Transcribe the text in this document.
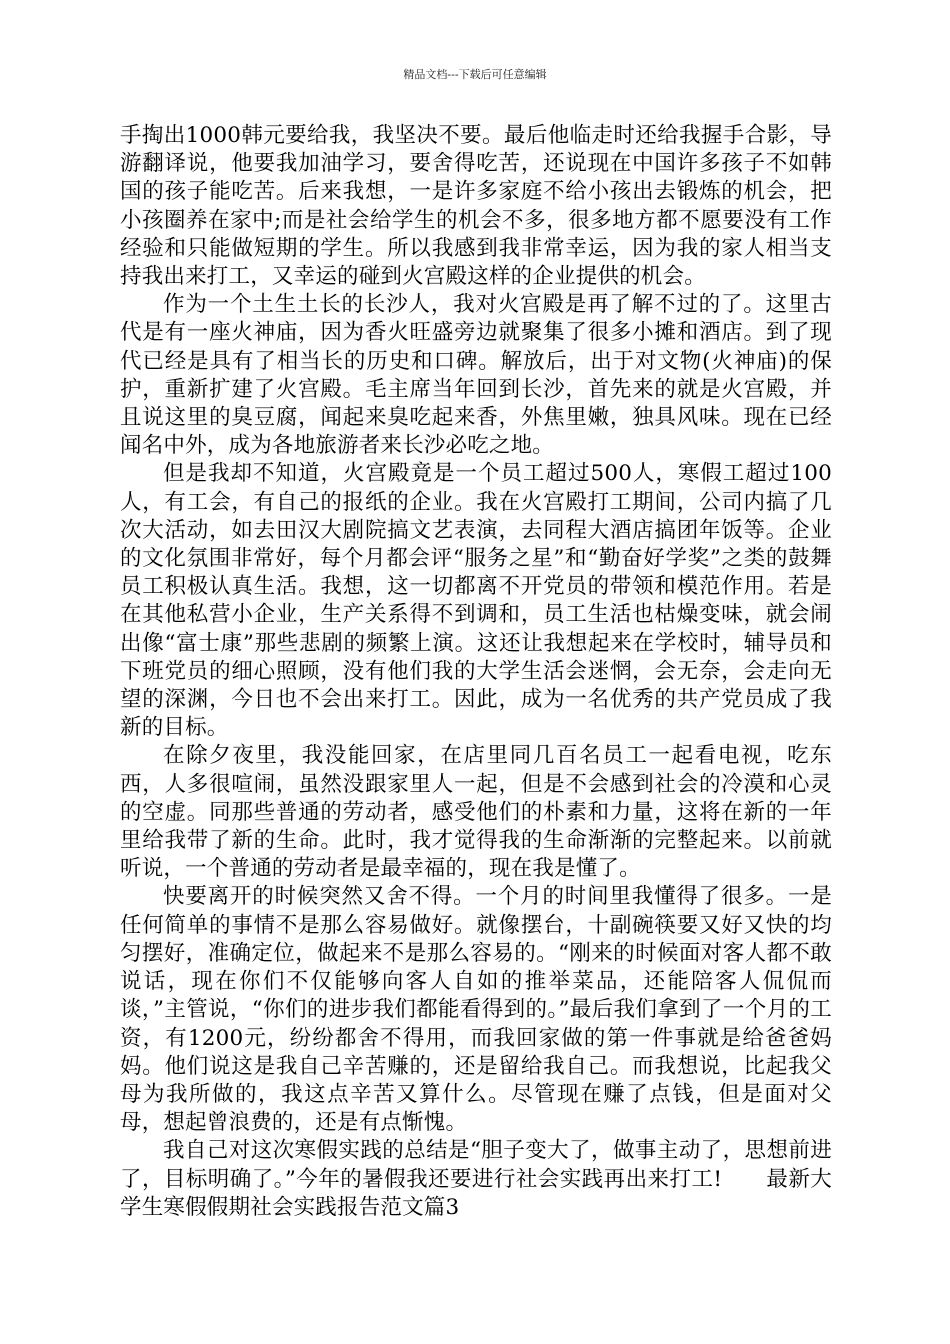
精品文档---下载后可任意编辑

手掏出1000韩元要给我，我坚决不要。最后他临走时还给我握手合影，导游翻译说，他要我加油学习，要舍得吃苦，还说现在中国许多孩子不如韩国的孩子能吃苦。后来我想，一是许多家庭不给小孩出去锻炼的机会，把小孩圈养在家中;而是社会给学生的机会不多，很多地方都不愿要没有工作经验和只能做短期的学生。所以我感到我非常幸运，因为我的家人相当支持我出来打工，又幸运的碰到火宫殿这样的企业提供的机会。

作为一个土生土长的长沙人，我对火宫殿是再了解不过的了。这里古代是有一座火神庙，因为香火旺盛旁边就聚集了很多小摊和酒店。到了现代已经是具有了相当长的历史和口碑。解放后，出于对文物(火神庙)的保护，重新扩建了火宫殿。毛主席当年回到长沙，首先来的就是火宫殿，并且说这里的臭豆腐，闻起来臭吃起来香，外焦里嫩，独具风味。现在已经闻名中外，成为各地旅游者来长沙必吃之地。

但是我却不知道，火宫殿竟是一个员工超过500人，寒假工超过100人，有工会，有自己的报纸的企业。我在火宫殿打工期间，公司内搞了几次大活动，如去田汉大剧院搞文艺表演，去同程大酒店搞团年饭等。企业的文化氛围非常好，每个月都会评“服务之星”和“勤奋好学奖”之类的鼓舞员工积极认真生活。我想，这一切都离不开党员的带领和模范作用。若是在其他私营小企业，生产关系得不到调和，员工生活也枯燥变味，就会闹出像“富士康”那些悲剧的频繁上演。这还让我想起来在学校时，辅导员和下班党员的细心照顾，没有他们我的大学生活会迷惘，会无奈，会走向无望的深渊，今日也不会出来打工。因此，成为一名优秀的共产党员成了我新的目标。

在除夕夜里，我没能回家，在店里同几百名员工一起看电视，吃东西，人多很喧闹，虽然没跟家里人一起，但是不会感到社会的冷漠和心灵的空虚。同那些普通的劳动者，感受他们的朴素和力量，这将在新的一年里给我带了新的生命。此时，我才觉得我的生命渐渐的完整起来。以前就听说，一个普通的劳动者是最幸福的，现在我是懂了。

快要离开的时候突然又舍不得。一个月的时间里我懂得了很多。一是任何简单的事情不是那么容易做好。就像摆台，十副碗筷要又好又快的均匀摆好，准确定位，做起来不是那么容易的。“刚来的时候面对客人都不敢说话，现在你们不仅能够向客人自如的推举菜品，还能陪客人侃侃而谈，”主管说，“你们的进步我们都能看得到的。”最后我们拿到了一个月的工资，有1200元，纷纷都舍不得用，而我回家做的第一件事就是给爸爸妈妈。他们说这是我自己辛苦赚的，还是留给我自己。而我想说，比起我父母为我所做的，我这点辛苦又算什么。尽管现在赚了点钱，但是面对父母，想起曾浪费的，还是有点惭愧。

我自己对这次寒假实践的总结是“胆子变大了，做事主动了，思想前进了，目标明确了。”今年的暑假我还要进行社会实践再出来打工!　　最新大学生寒假假期社会实践报告范文篇3
